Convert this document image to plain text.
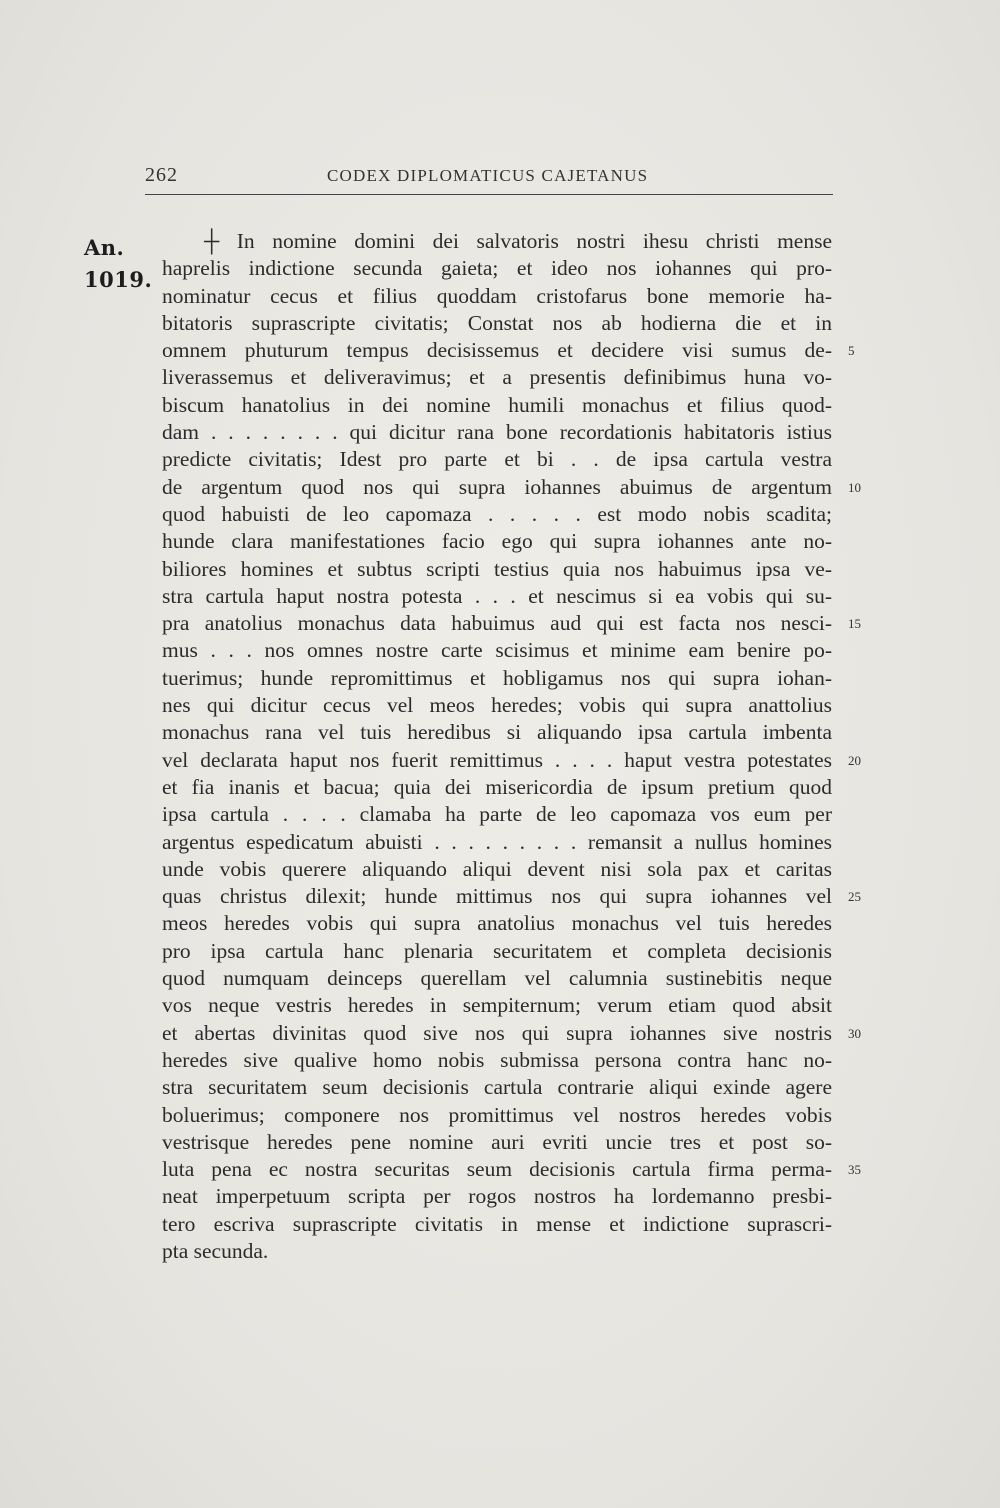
262	CODEX DIPLOMATICUS CAJETANUS
An.
1019.
┼ In nomine domini dei salvatoris nostri ihesu christi mense
haprelis indictione secunda gaieta; et ideo nos iohannes qui pro-
nominatur cecus et filius quoddam cristofarus bone memorie ha-
bitatoris suprascripte civitatis; Constat nos ab hodierna die et in
omnem phuturum tempus decisissemus et decidere visi sumus de-
liverassemus et deliveravimus; et a presentis definibimus huna vo-
biscum hanatolius in dei nomine humili monachus et filius quod-
dam . . . . . . . . qui dicitur rana bone recordationis habitatoris istius
predicte civitatis; Idest pro parte et bi . . de ipsa cartula vestra
de argentum quod nos qui supra iohannes abuimus de argentum
quod habuisti de leo capomaza . . . . . est modo nobis scadita;
hunde clara manifestationes facio ego qui supra iohannes ante no-
biliores homines et subtus scripti testius quia nos habuimus ipsa ve-
stra cartula haput nostra potesta . . . et nescimus si ea vobis qui su-
pra anatolius monachus data habuimus aud qui est facta nos nesci-
mus . . . nos omnes nostre carte scisimus et minime eam benire po-
tuerimus; hunde repromittimus et hobligamus nos qui supra iohan-
nes qui dicitur cecus vel meos heredes; vobis qui supra anattolius
monachus rana vel tuis heredibus si aliquando ipsa cartula imbenta
vel declarata haput nos fuerit remittimus . . . . haput vestra potestates
et fia inanis et bacua; quia dei misericordia de ipsum pretium quod
ipsa cartula . . . . clamaba ha parte de leo capomaza vos eum per
argentus espedicatum abuisti . . . . . . . . . remansit a nullus homines
unde vobis querere aliquando aliqui devent nisi sola pax et caritas
quas christus dilexit; hunde mittimus nos qui supra iohannes vel
meos heredes vobis qui supra anatolius monachus vel tuis heredes
pro ipsa cartula hanc plenaria securitatem et completa decisionis
quod numquam deinceps querellam vel calumnia sustinebitis neque
vos neque vestris heredes in sempiternum; verum etiam quod absit
et abertas divinitas quod sive nos qui supra iohannes sive nostris
heredes sive qualive homo nobis submissa persona contra hanc no-
stra securitatem seum decisionis cartula contrarie aliqui exinde agere
boluerimus; componere nos promittimus vel nostros heredes vobis
vestrisque heredes pene nomine auri evriti uncie tres et post so-
luta pena ec nostra securitas seum decisionis cartula firma perma-
neat imperpetuum scripta per rogos nostros ha lordemanno presbi-
tero escriva suprascripte civitatis in mense et indictione suprascri-
pta secunda.
5
10
15
20
25
30
35
